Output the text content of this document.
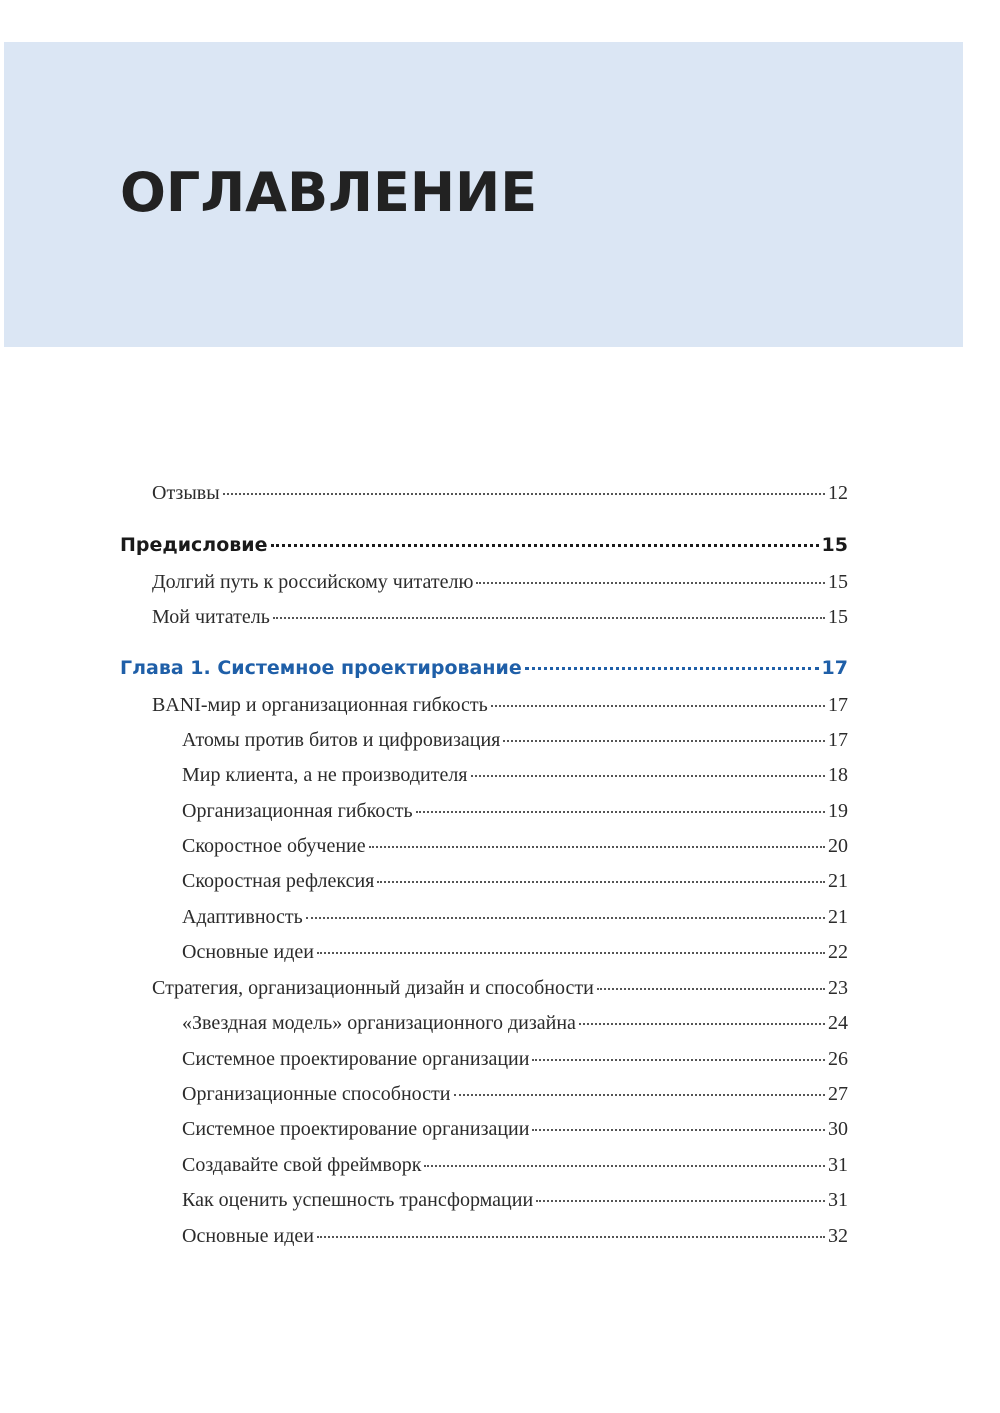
ОГЛАВЛЕНИЕ
Отзывы	12
Предисловие	15
Долгий путь к российскому читателю	15
Мой читатель	15
Глава 1. Системное проектирование	17
BANI-мир и организационная гибкость	17
Атомы против битов и цифровизация	17
Мир клиента, а не производителя	18
Организационная гибкость	19
Скоростное обучение	20
Скоростная рефлексия	21
Адаптивность	21
Основные идеи	22
Стратегия, организационный дизайн и способности	23
«Звездная модель» организационного дизайна	24
Системное проектирование организации	26
Организационные способности	27
Системное проектирование организации	30
Создавайте свой фреймворк	31
Как оценить успешность трансформации	31
Основные идеи	32
